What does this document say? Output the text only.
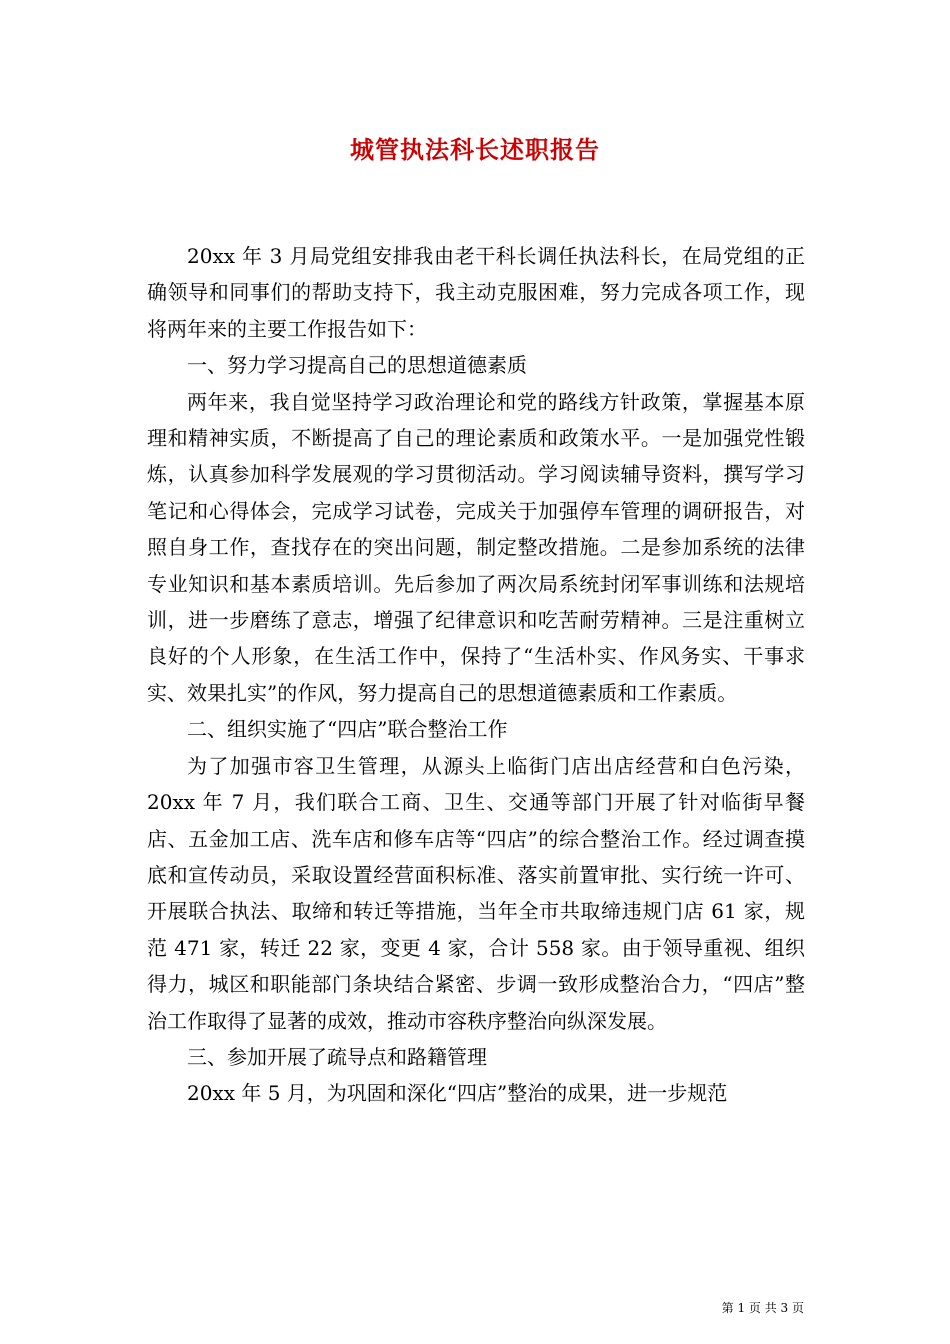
城管执法科长述职报告

20xx 年 3 月局党组安排我由老干科长调任执法科长，在局党组的正确领导和同事们的帮助支持下，我主动克服困难，努力完成各项工作，现将两年来的主要工作报告如下：

一、努力学习提高自己的思想道德素质

两年来，我自觉坚持学习政治理论和党的路线方针政策，掌握基本原理和精神实质，不断提高了自己的理论素质和政策水平。一是加强党性锻炼，认真参加科学发展观的学习贯彻活动。学习阅读辅导资料，撰写学习笔记和心得体会，完成学习试卷，完成关于加强停车管理的调研报告，对照自身工作，查找存在的突出问题，制定整改措施。二是参加系统的法律专业知识和基本素质培训。先后参加了两次局系统封闭军事训练和法规培训，进一步磨练了意志，增强了纪律意识和吃苦耐劳精神。三是注重树立良好的个人形象，在生活工作中，保持了“生活朴实、作风务实、干事求实、效果扎实”的作风，努力提高自己的思想道德素质和工作素质。

二、组织实施了“四店”联合整治工作

为了加强市容卫生管理，从源头上临街门店出店经营和白色污染，20xx 年 7 月，我们联合工商、卫生、交通等部门开展了针对临街早餐店、五金加工店、洗车店和修车店等“四店”的综合整治工作。经过调查摸底和宣传动员，采取设置经营面积标准、落实前置审批、实行统一许可、开展联合执法、取缔和转迁等措施，当年全市共取缔违规门店 61 家，规范 471 家，转迁 22 家，变更 4 家，合计 558 家。由于领导重视、组织得力，城区和职能部门条块结合紧密、步调一致形成整治合力，“四店”整治工作取得了显著的成效，推动市容秩序整治向纵深发展。

三、参加开展了疏导点和路籍管理

20xx 年 5 月，为巩固和深化“四店”整治的成果，进一步规范

第 1 页 共 3 页
